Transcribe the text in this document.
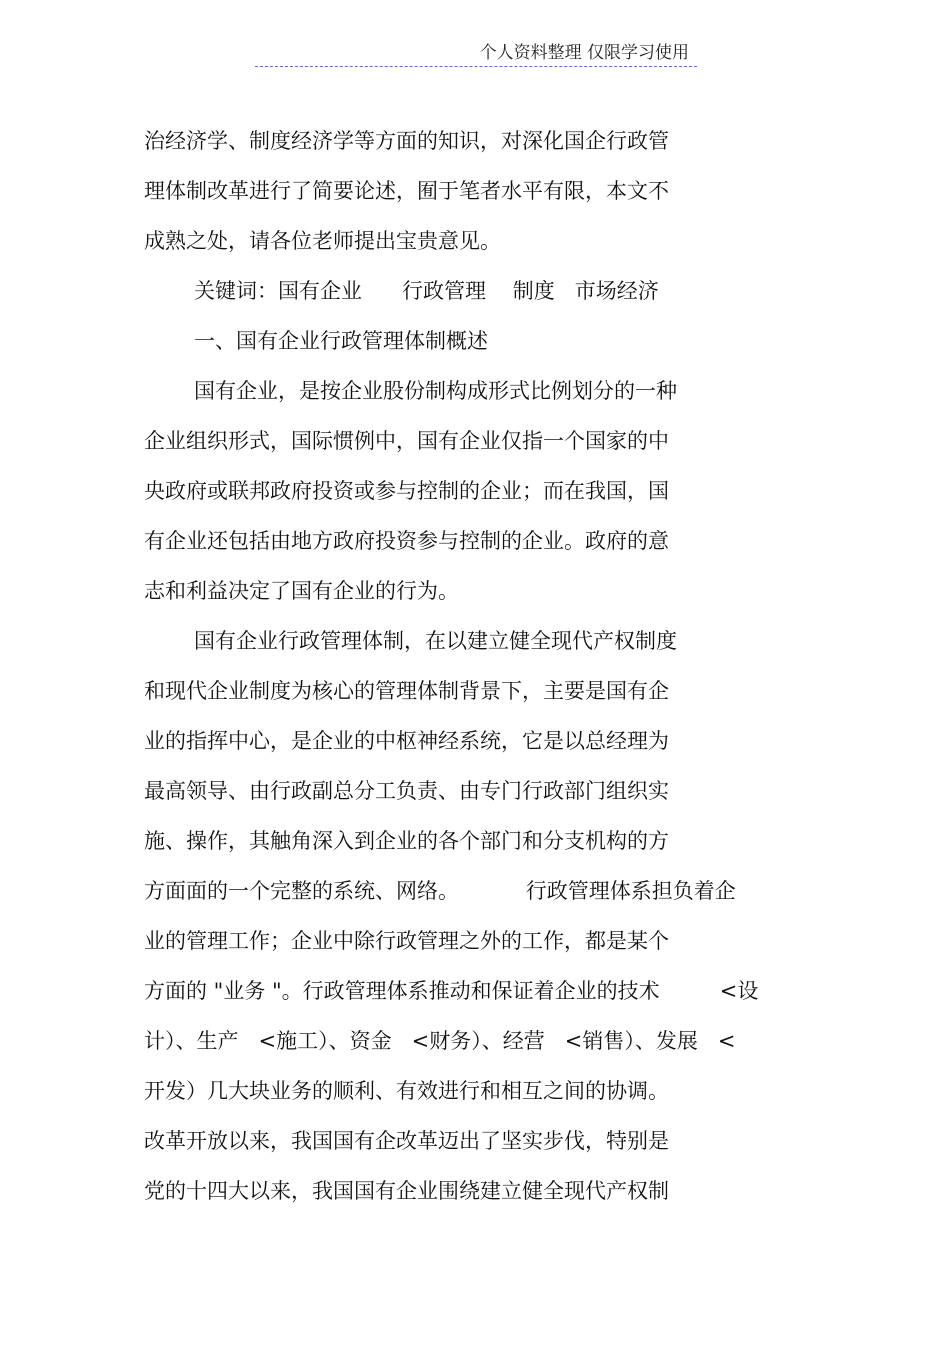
个人资料整理 仅限学习使用
治经济学、制度经济学等方面的知识，对深化国企行政管
理体制改革进行了简要论述，囿于笔者水平有限，本文不
成熟之处，请各位老师提出宝贵意见。
关键词：国有企业      行政管理    制度   市场经济
一、国有企业行政管理体制概述
国有企业，是按企业股份制构成形式比例划分的一种
企业组织形式，国际惯例中，国有企业仅指一个国家的中
央政府或联邦政府投资或参与控制的企业；而在我国，国
有企业还包括由地方政府投资参与控制的企业。政府的意
志和利益决定了国有企业的行为。
国有企业行政管理体制，在以建立健全现代产权制度
和现代企业制度为核心的管理体制背景下，主要是国有企
业的指挥中心，是企业的中枢神经系统，它是以总经理为
最高领导、由行政副总分工负责、由专门行政部门组织实
施、操作，其触角深入到企业的各个部门和分支机构的方
方面面的一个完整的系统、网络。          行政管理体系担负着企
业的管理工作；企业中除行政管理之外的工作，都是某个
方面的 "业务 "。行政管理体系推动和保证着企业的技术         <设
计）、生产   <施工）、资金   <财务）、经营   <销售）、发展   <
开发）几大块业务的顺利、有效进行和相互之间的协调。
改革开放以来，我国国有企改革迈出了坚实步伐，特别是
党的十四大以来，我国国有企业围绕建立健全现代产权制
